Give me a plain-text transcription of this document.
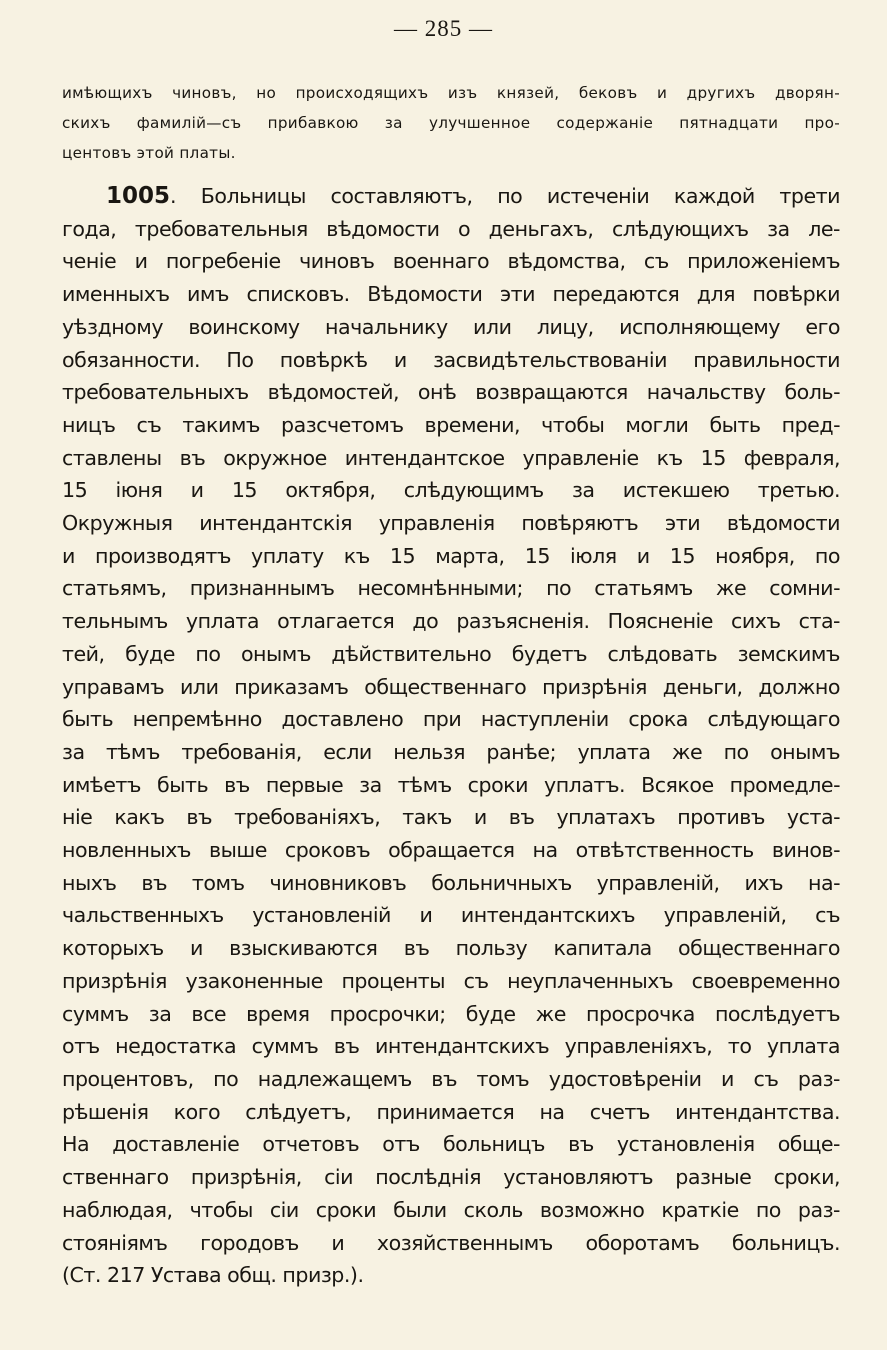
— 285 —
имѣющихъ чиновъ, но происходящихъ изъ князей, бековъ и другихъ дворян-
скихъ фамилій—съ прибавкою за улучшенное содержаніе пятнадцати про-
центовъ этой платы.
1005. Больницы составляютъ, по истеченіи каждой трети
года, требовательныя вѣдомости о деньгахъ, слѣдующихъ за ле-
ченіе и погребеніе чиновъ военнаго вѣдомства, съ приложеніемъ
именныхъ имъ списковъ. Вѣдомости эти передаются для повѣрки
уѣздному воинскому начальнику или лицу, исполняющему его
обязанности. По повѣркѣ и засвидѣтельствованіи правильности
требовательныхъ вѣдомостей, онѣ возвращаются начальству боль-
ницъ съ такимъ разсчетомъ времени, чтобы могли быть пред-
ставлены въ окружное интендантское управленіе къ 15 февраля,
15 іюня и 15 октября, слѣдующимъ за истекшею третью.
Окружныя интендантскія управленія повѣряютъ эти вѣдомости
и производятъ уплату къ 15 марта, 15 іюля и 15 ноября, по
статьямъ, признаннымъ несомнѣнными; по статьямъ же сомни-
тельнымъ уплата отлагается до разъясненія. Поясненіе сихъ ста-
тей, буде по онымъ дѣйствительно будетъ слѣдовать земскимъ
управамъ или приказамъ общественнаго призрѣнія деньги, должно
быть непремѣнно доставлено при наступленіи срока слѣдующаго
за тѣмъ требованія, если нельзя ранѣе; уплата же по онымъ
имѣетъ быть въ первые за тѣмъ сроки уплатъ. Всякое промедле-
ніе какъ въ требованіяхъ, такъ и въ уплатахъ противъ уста-
новленныхъ выше сроковъ обращается на отвѣтственность винов-
ныхъ въ томъ чиновниковъ больничныхъ управленій, ихъ на-
чальственныхъ установленій и интендантскихъ управленій, съ
которыхъ и взыскиваются въ пользу капитала общественнаго
призрѣнія узаконенные проценты съ неуплаченныхъ своевременно
суммъ за все время просрочки; буде же просрочка послѣдуетъ
отъ недостатка суммъ въ интендантскихъ управленіяхъ, то уплата
процентовъ, по надлежащемъ въ томъ удостовѣреніи и съ раз-
рѣшенія кого слѣдуетъ, принимается на счетъ интендантства.
На доставленіе отчетовъ отъ больницъ въ установленія обще-
ственнаго призрѣнія, сіи послѣднія установляютъ разные сроки,
наблюдая, чтобы сіи сроки были сколь возможно краткіе по раз-
стояніямъ городовъ и хозяйственнымъ оборотамъ больницъ.
(Ст. 217 Устава общ. призр.).
